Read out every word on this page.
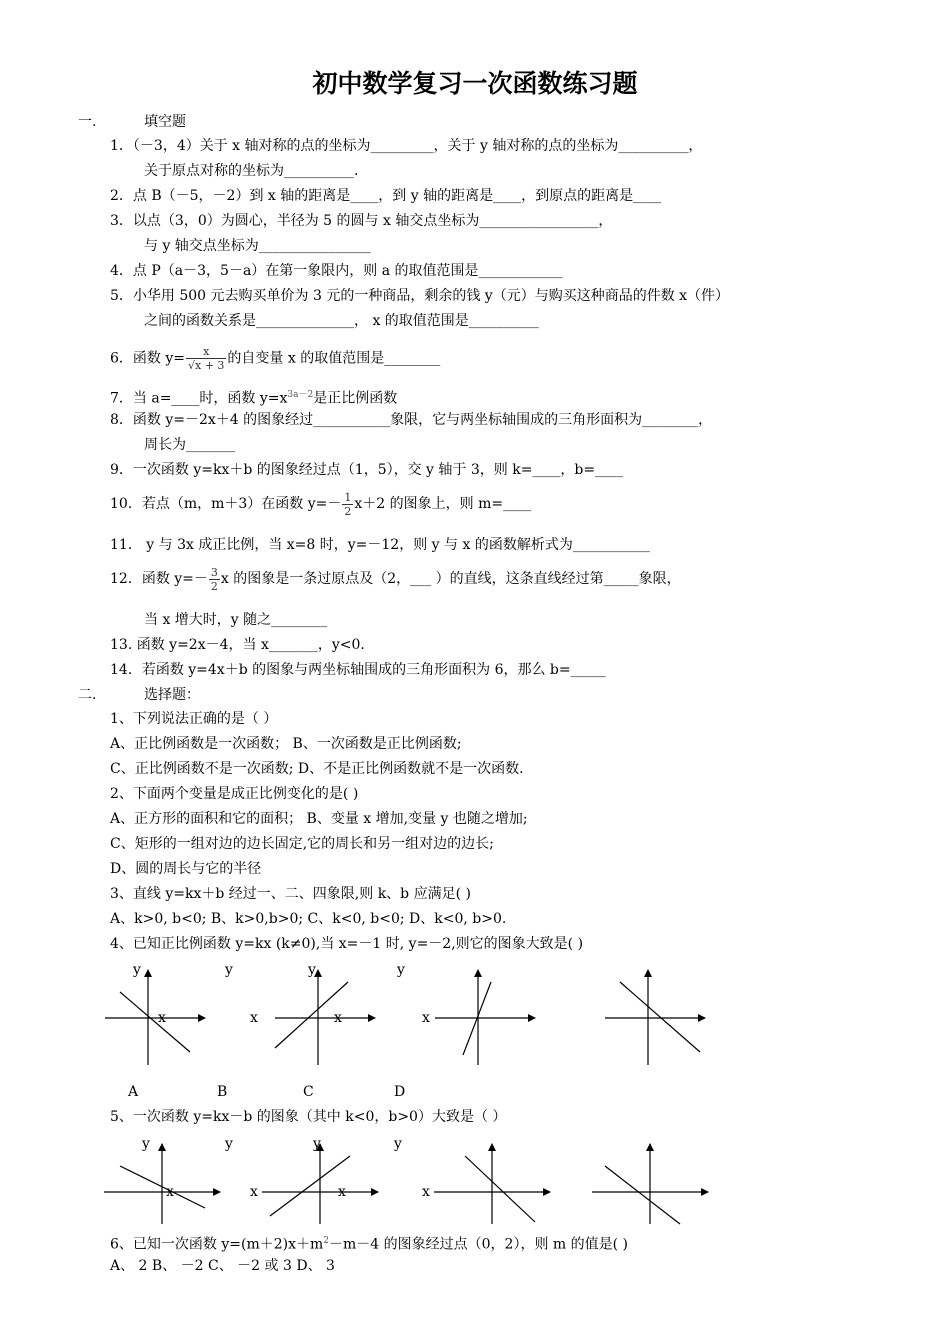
初中数学复习一次函数练习题
一.	填空题
1．（－3，4）关于 x 轴对称的点的坐标为_________，关于 y 轴对称的点的坐标为__________，
关于原点对称的坐标为__________.
2．点 B（－5，－2）到 x 轴的距离是____，到 y 轴的距离是____，到原点的距离是____
3．以点（3，0）为圆心，半径为 5 的圆与 x 轴交点坐标为_________________，
与 y 轴交点坐标为________________
4．点 P（a－3，5－a）在第一象限内，则 a 的取值范围是____________
5．小华用 500 元去购买单价为 3 元的一种商品，剩余的钱 y（元）与购买这种商品的件数 x（件）
之间的函数关系是______________， x 的取值范围是__________
6．函数 $y= \frac{x}{√x + 3}$ 的自变量 x 的取值范围是________
7．当 a=____时，函数 $y=x^{3a-2}$是正比例函数
8．函数 y=－2x＋4 的图象经过___________象限，它与两坐标轴围成的三角形面积为________，
周长为_______
9．一次函数 y=kx＋b 的图象经过点（1，5），交 y 轴于 3，则 k=____，b=____
10．若点（m，m＋3）在函数 $y=- \frac{1}{2} x+2$ 的图象上，则 m=____
11． y 与 3x 成正比例，当 x=8 时，y=－12，则 y 与 x 的函数解析式为___________
12．函数 $y=- \frac{3}{2}$ x 的图象是一条过原点及（2，___ ）的直线，这条直线经过第_____象限，
当 x 增大时，y 随之________
13. 函数 y=2x－4，当 x_______，y<0.
14．若函数 y=4x＋b 的图象与两坐标轴围成的三角形面积为 6，那么 b=_____
二.	选择题：
1、下列说法正确的是（ ）
A、正比例函数是一次函数； B、一次函数是正比例函数;
C、正比例函数不是一次函数; D、不是正比例函数就不是一次函数.
2、下面两个变量是成正比例变化的是( )
A、正方形的面积和它的面积； B、变量 x 增加,变量 y 也随之增加;
C、矩形的一组对边的边长固定,它的周长和另一组对边的边长;
D、圆的周长与它的半径
3、直线 y=kx＋b 经过一、二、四象限,则 k、b 应满足( )
A、k>0, b<0; B、k>0,b>0; C、k<0, b<0; D、k<0, b>0.
4、已知正比例函数 y=kx (k≠0),当 x=－1 时, y=－2,则它的图象大致是( )
y	y	y	y
x	x	x	x
A	B	C	D
5、一次函数 y=kx－b 的图象（其中 k<0，b>0）大致是（ ）
y	y	y	y
x	x	x	x
6、已知一次函数 $y=(m+2)x+m^2-m-4$ 的图象经过点（0，2），则 m 的值是( )
A、 2 B、 －2 C、 －2 或 3 D、 3
